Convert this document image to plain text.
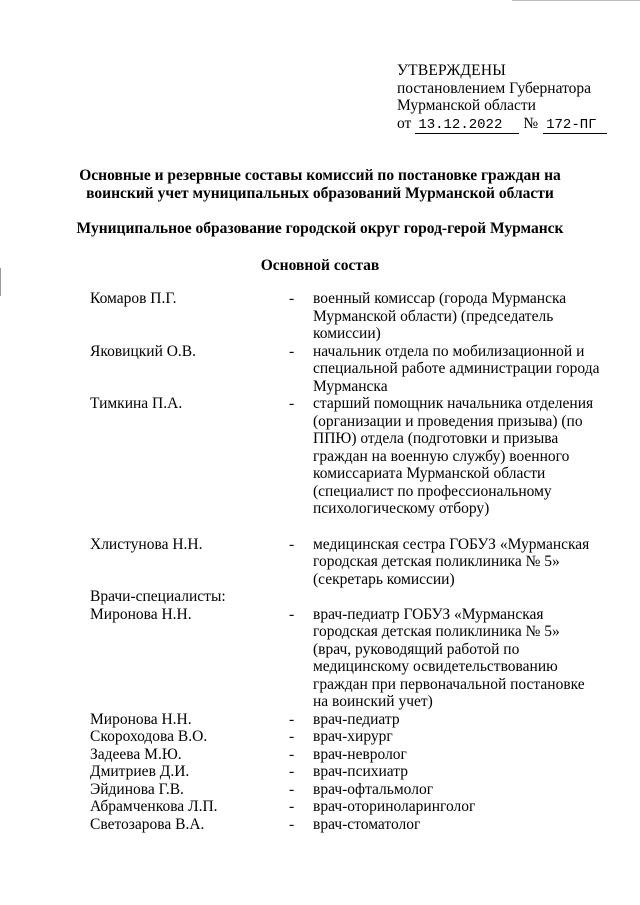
УТВЕРЖДЕНЫ
постановлением Губернатора
Мурманской области
от 13.12.2022	№ 172-ПГ
Основные и резервные составы комиссий по постановке граждан на
воинский учет муниципальных образований Мурманской области
Муниципальное образование городской округ город-герой Мурманск
Основной состав
Комаров П.Г.	-	военный комиссар (города Мурманска
Мурманской области) (председатель
комиссии)
Яковицкий О.В.	-	начальник отдела по мобилизационной и
специальной работе администрации города
Мурманска
Тимкина П.А.	-	старший помощник начальника отделения
(организации и проведения призыва) (по
ППЮ) отдела (подготовки и призыва
граждан на военную службу) военного
комиссариата Мурманской области
(специалист по профессиональному
психологическому отбору)
Хлистунова Н.Н.	-	медицинская сестра ГОБУЗ «Мурманская
городская детская поликлиника № 5»
(секретарь комиссии)
Врачи-специалисты:
Миронова Н.Н.	-	врач-педиатр ГОБУЗ «Мурманская
городская детская поликлиника № 5»
(врач, руководящий работой по
медицинскому освидетельствованию
граждан при первоначальной постановке
на воинский учет)
Миронова Н.Н.	-	врач-педиатр
Скороходова В.О.	-	врач-хирург
Задеева М.Ю.	-	врач-невролог
Дмитриев Д.И.	-	врач-психиатр
Эйдинова Г.В.	-	врач-офтальмолог
Абрамченкова Л.П.	-	врач-оториноларинголог
Светозарова В.А.	-	врач-стоматолог
